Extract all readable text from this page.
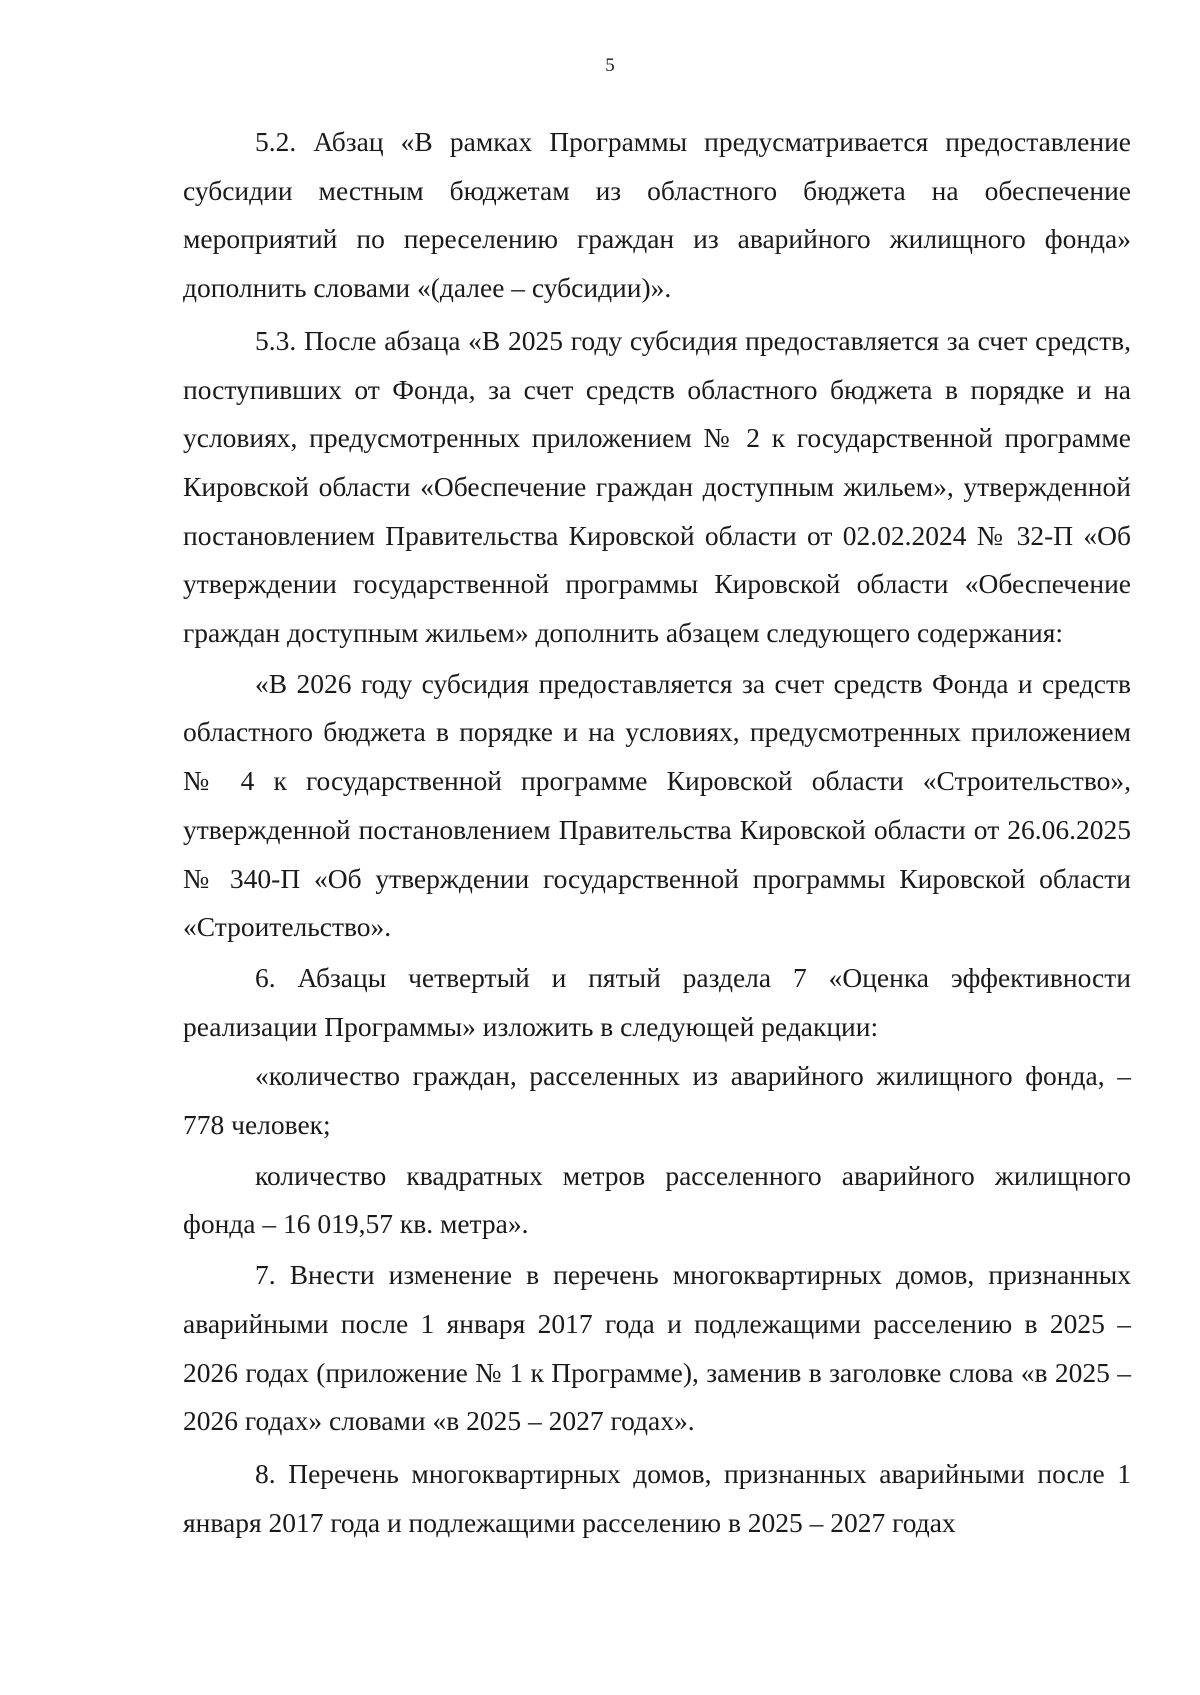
5

5.2. Абзац «В рамках Программы предусматривается предоставление субсидии местным бюджетам из областного бюджета на обеспечение мероприятий по переселению граждан из аварийного жилищного фонда» дополнить словами «(далее – субсидии)».

5.3. После абзаца «В 2025 году субсидия предоставляется за счет средств, поступивших от Фонда, за счет средств областного бюджета в порядке и на условиях, предусмотренных приложением № 2 к государственной программе Кировской области «Обеспечение граждан доступным жильем», утвержденной постановлением Правительства Кировской области от 02.02.2024 № 32-П «Об утверждении государственной программы Кировской области «Обеспечение граждан доступным жильем» дополнить абзацем следующего содержания:

«В 2026 году субсидия предоставляется за счет средств Фонда и средств областного бюджета в порядке и на условиях, предусмотренных приложением № 4 к государственной программе Кировской области «Строительство», утвержденной постановлением Правительства Кировской области от 26.06.2025 № 340-П «Об утверждении государственной программы Кировской области «Строительство».

6. Абзацы четвертый и пятый раздела 7 «Оценка эффективности реализации Программы» изложить в следующей редакции:

«количество граждан, расселенных из аварийного жилищного фонда, – 778 человек;

количество квадратных метров расселенного аварийного жилищного фонда – 16 019,57 кв. метра».

7. Внести изменение в перечень многоквартирных домов, признанных аварийными после 1 января 2017 года и подлежащими расселению в 2025 – 2026 годах (приложение № 1 к Программе), заменив в заголовке слова «в 2025 – 2026 годах» словами «в 2025 – 2027 годах».

8. Перечень многоквартирных домов, признанных аварийными после 1 января 2017 года и подлежащими расселению в 2025 – 2027 годах
